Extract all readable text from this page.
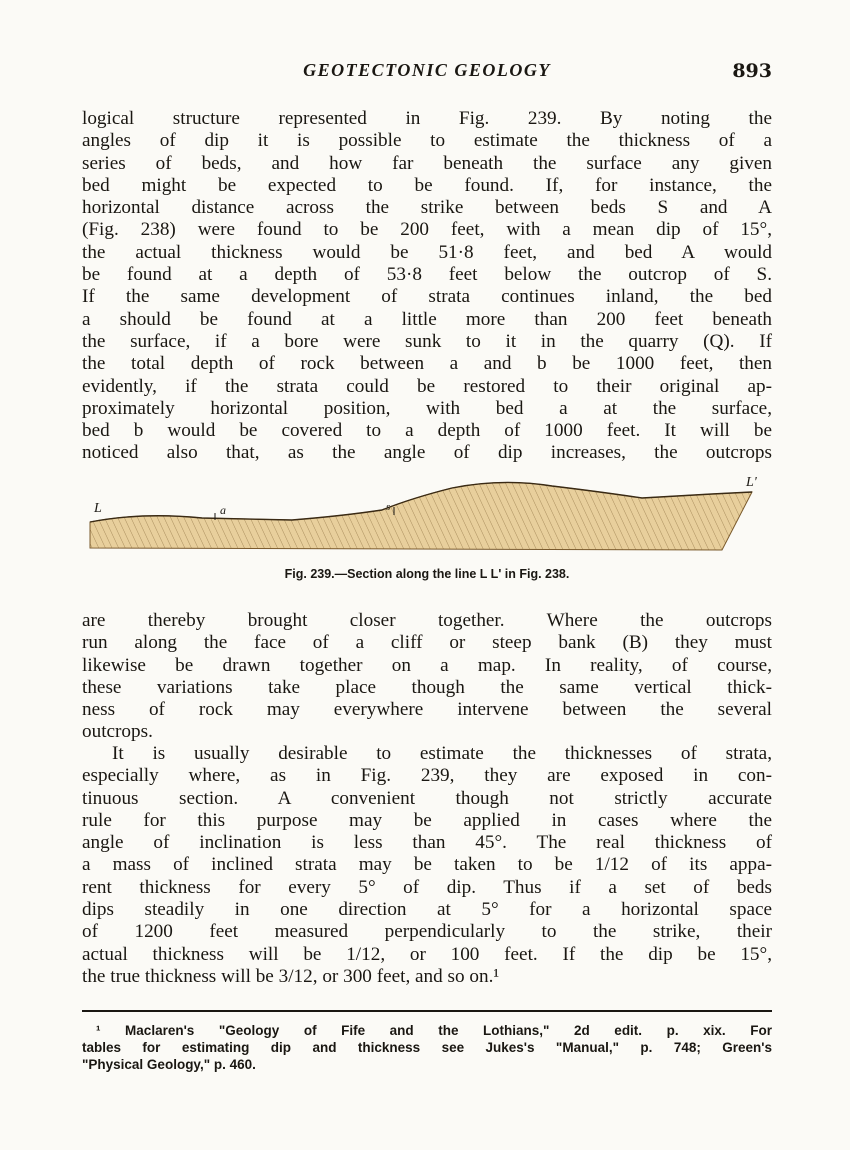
GEOTECTONIC GEOLOGY	893
logical structure represented in Fig. 239. By noting the
angles of dip it is possible to estimate the thickness of a
series of beds, and how far beneath the surface any given
bed might be expected to be found. If, for instance, the
horizontal distance across the strike between beds S and A
(Fig. 238) were found to be 200 feet, with a mean dip of 15°,
the actual thickness would be 51·8 feet, and bed A would
be found at a depth of 53·8 feet below the outcrop of S.
If the same development of strata continues inland, the bed
a should be found at a little more than 200 feet beneath
the surface, if a bore were sunk to it in the quarry (Q). If
the total depth of rock between a and b be 1000 feet, then
evidently, if the strata could be restored to their original ap-
proximately horizontal position, with bed a at the surface,
bed b would be covered to a depth of 1000 feet. It will be
noticed also that, as the angle of dip increases, the outcrops
L	a	s
L'
Fig. 239.—Section along the line L L' in Fig. 238.
are thereby brought closer together. Where the outcrops
run along the face of a cliff or steep bank (B) they must
likewise be drawn together on a map. In reality, of course,
these variations take place though the same vertical thick-
ness of rock may everywhere intervene between the several
outcrops.
It is usually desirable to estimate the thicknesses of strata,
especially where, as in Fig. 239, they are exposed in con-
tinuous section. A convenient though not strictly accurate
rule for this purpose may be applied in cases where the
angle of inclination is less than 45°. The real thickness of
a mass of inclined strata may be taken to be 1/12 of its appa-
rent thickness for every 5° of dip. Thus if a set of beds
dips steadily in one direction at 5° for a horizontal space
of 1200 feet measured perpendicularly to the strike, their
actual thickness will be 1/12, or 100 feet. If the dip be 15°,
the true thickness will be 3/12, or 300 feet, and so on.¹
¹ Maclaren's "Geology of Fife and the Lothians," 2d edit. p. xix. For
tables for estimating dip and thickness see Jukes's "Manual," p. 748; Green's
"Physical Geology," p. 460.
